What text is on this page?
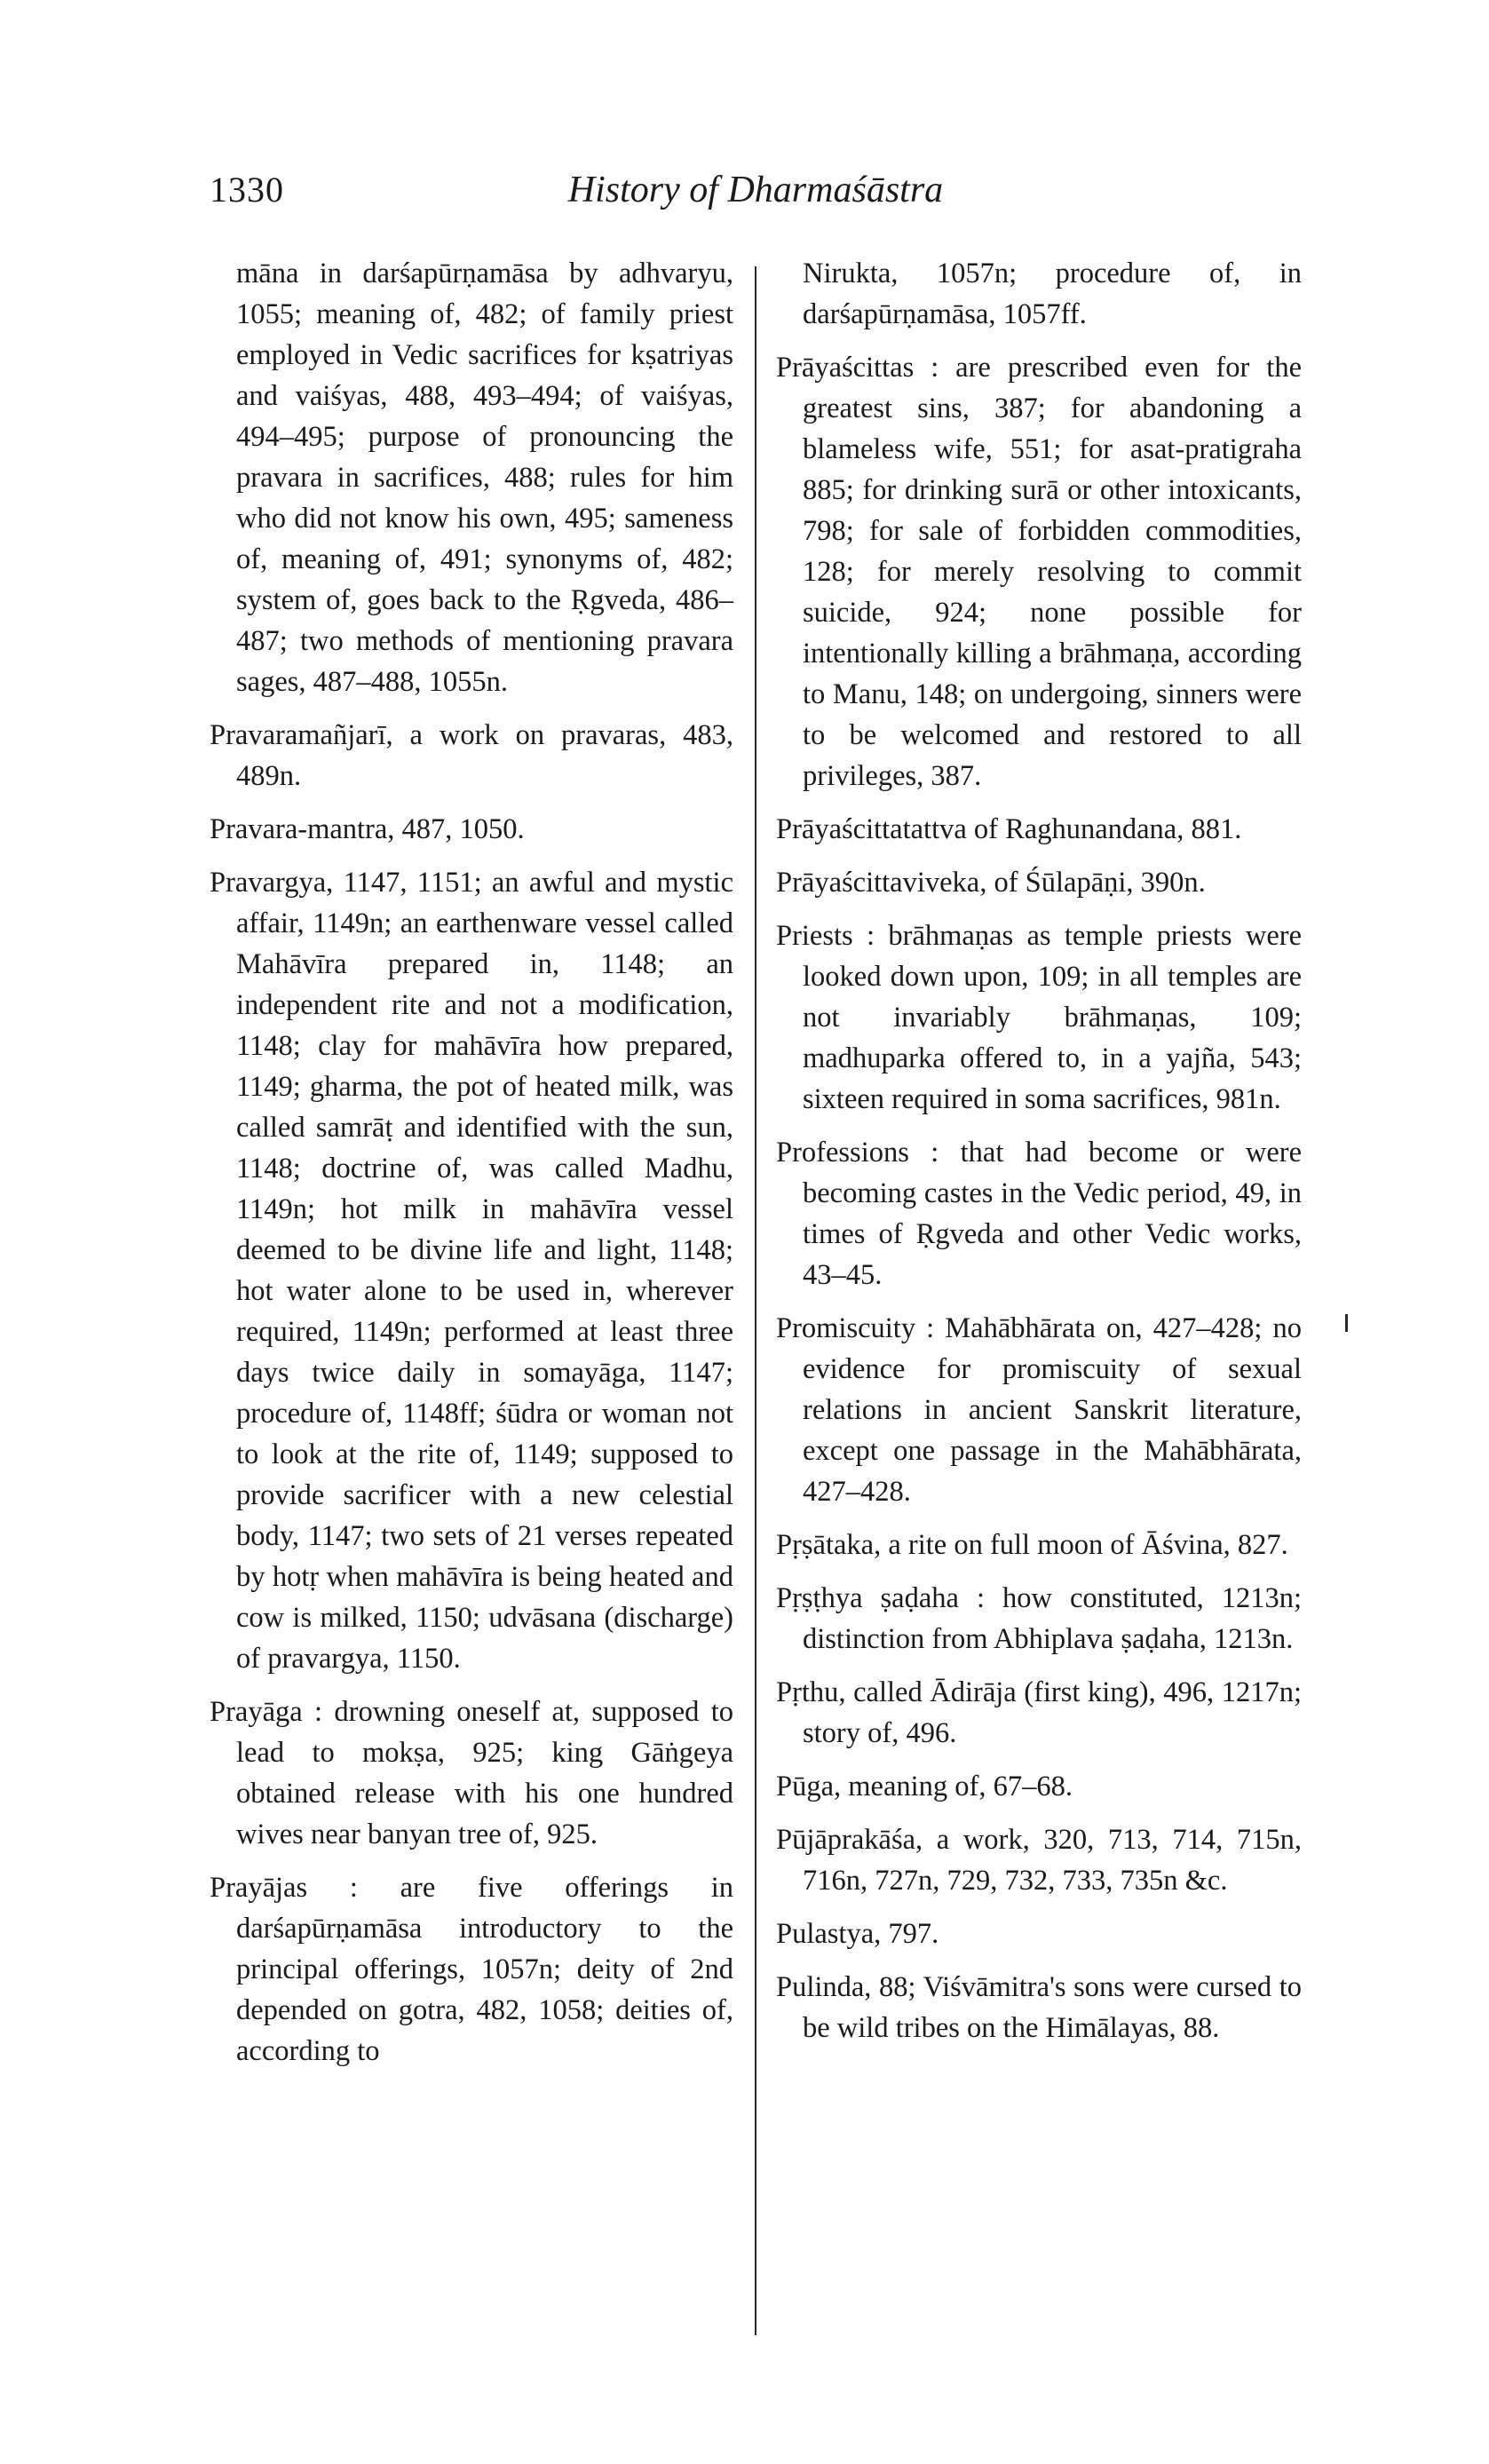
1330	History of Dharmaśāstra

māna in darśapūrṇamāsa by adhvaryu, 1055; meaning of, 482; of family priest employed in Vedic sacrifices for kṣatriyas and vaiśyas, 488, 493–494; of vaiśyas, 494–495; purpose of pronouncing the pravara in sacrifices, 488; rules for him who did not know his own, 495; sameness of, meaning of, 491; synonyms of, 482; system of, goes back to the Ṛgveda, 486–487; two methods of mentioning pravara sages, 487–488, 1055n.

Pravaramañjarī, a work on pravaras, 483, 489n.

Pravara-mantra, 487, 1050.

Pravargya, 1147, 1151; an awful and mystic affair, 1149n; an earthenware vessel called Mahāvīra prepared in, 1148; an independent rite and not a modification, 1148; clay for mahāvīra how prepared, 1149; gharma, the pot of heated milk, was called samrāṭ and identified with the sun, 1148; doctrine of, was called Madhu, 1149n; hot milk in mahāvīra vessel deemed to be divine life and light, 1148; hot water alone to be used in, wherever required, 1149n; performed at least three days twice daily in somayāga, 1147; procedure of, 1148ff; śūdra or woman not to look at the rite of, 1149; supposed to provide sacrificer with a new celestial body, 1147; two sets of 21 verses repeated by hotṛ when mahāvīra is being heated and cow is milked, 1150; udvāsana (discharge) of pravargya, 1150.

Prayāga : drowning oneself at, supposed to lead to mokṣa, 925; king Gāṅgeya obtained release with his one hundred wives near banyan tree of, 925.

Prayājas : are five offerings in darśapūrṇamāsa introductory to the principal offerings, 1057n; deity of 2nd depended on gotra, 482, 1058; deities of, according to

Nirukta, 1057n; procedure of, in darśapūrṇamāsa, 1057ff.

Prāyaścittas : are prescribed even for the greatest sins, 387; for abandoning a blameless wife, 551; for asat-pratigraha 885; for drinking surā or other intoxicants, 798; for sale of forbidden commodities, 128; for merely resolving to commit suicide, 924; none possible for intentionally killing a brāhmaṇa, according to Manu, 148; on undergoing, sinners were to be welcomed and restored to all privileges, 387.

Prāyaścittatattva of Raghunandana, 881.

Prāyaścittaviveka, of Śūlapāṇi, 390n.

Priests : brāhmaṇas as temple priests were looked down upon, 109; in all temples are not invariably brāhmaṇas, 109; madhuparka offered to, in a yajña, 543; sixteen required in soma sacrifices, 981n.

Professions : that had become or were becoming castes in the Vedic period, 49, in times of Ṛgveda and other Vedic works, 43–45.

Promiscuity : Mahābhārata on, 427–428; no evidence for promiscuity of sexual relations in ancient Sanskrit literature, except one passage in the Mahābhārata, 427–428.

Pṛṣātaka, a rite on full moon of Āśvina, 827.

Pṛṣṭhya ṣaḍaha : how constituted, 1213n; distinction from Abhiplava ṣaḍaha, 1213n.

Pṛthu, called Ādirāja (first king), 496, 1217n; story of, 496.

Pūga, meaning of, 67–68.

Pūjāprakāśa, a work, 320, 713, 714, 715n, 716n, 727n, 729, 732, 733, 735n &c.

Pulastya, 797.

Pulinda, 88; Viśvāmitra's sons were cursed to be wild tribes on the Himālayas, 88.
